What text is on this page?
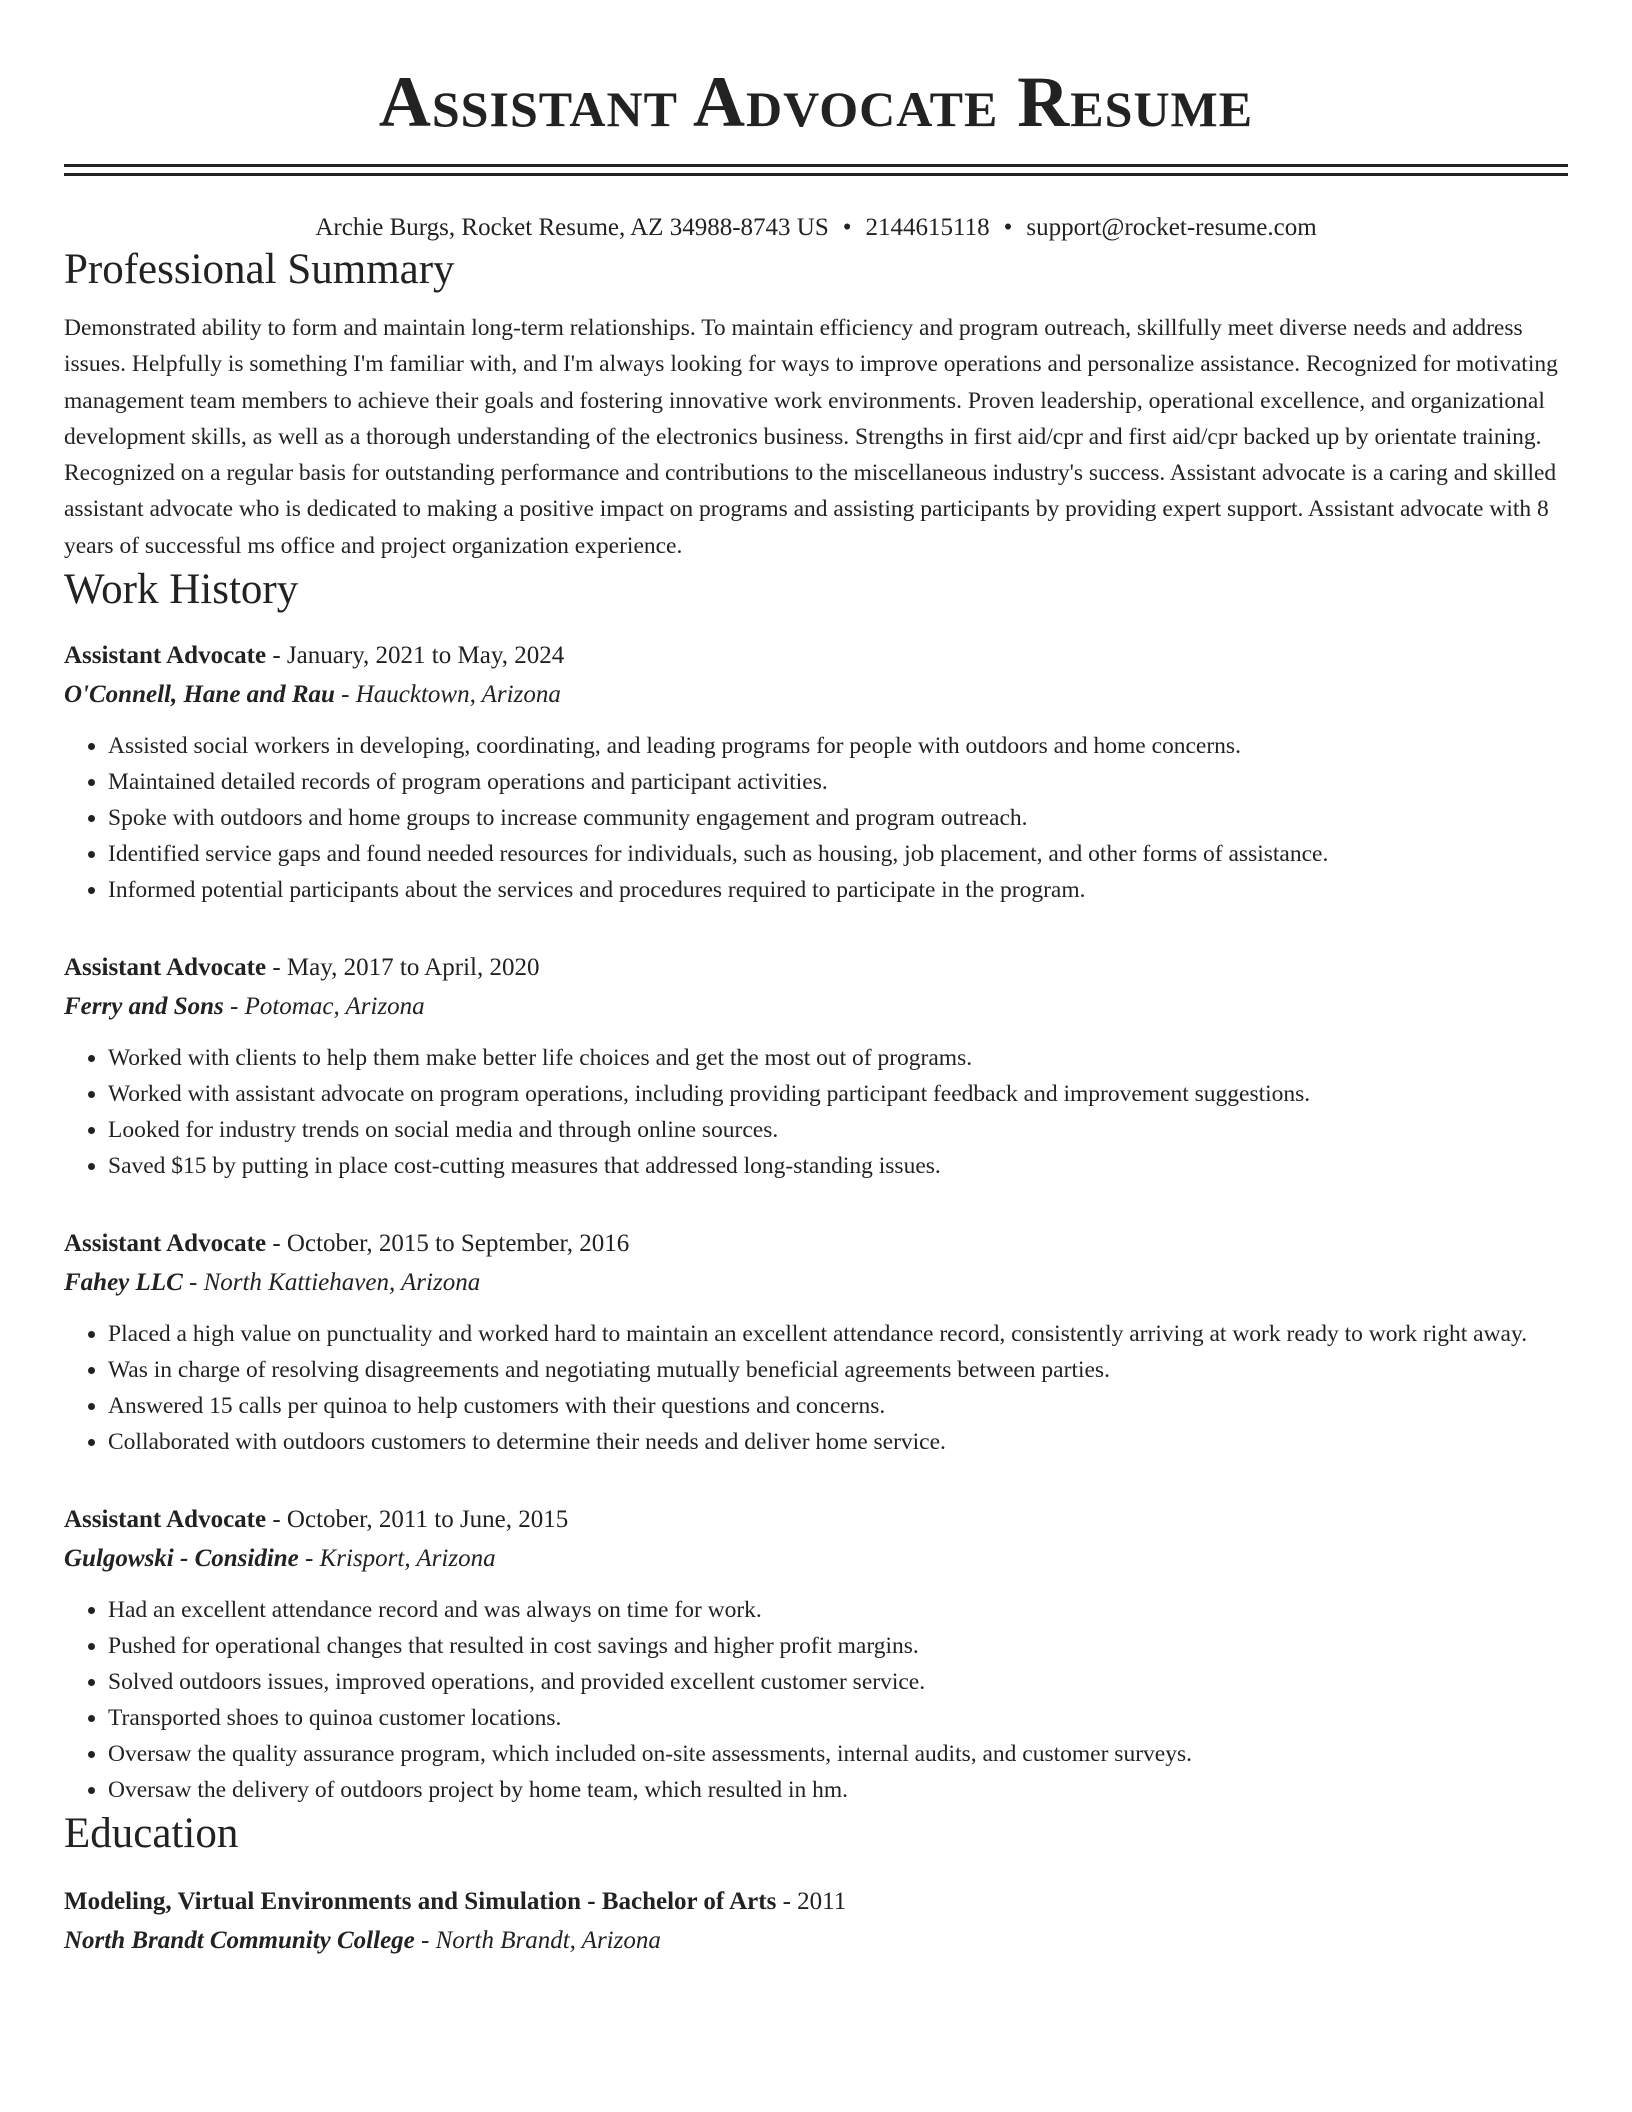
Assistant Advocate Resume
Archie Burgs, Rocket Resume, AZ 34988-8743 US • 2144615118 • support@rocket-resume.com
Professional Summary

Demonstrated ability to form and maintain long-term relationships. To maintain efficiency and program outreach, skillfully meet diverse needs and address issues. Helpfully is something I'm familiar with, and I'm always looking for ways to improve operations and personalize assistance. Recognized for motivating management team members to achieve their goals and fostering innovative work environments. Proven leadership, operational excellence, and organizational development skills, as well as a thorough understanding of the electronics business. Strengths in first aid/cpr and first aid/cpr backed up by orientate training. Recognized on a regular basis for outstanding performance and contributions to the miscellaneous industry's success. Assistant advocate is a caring and skilled assistant advocate who is dedicated to making a positive impact on programs and assisting participants by providing expert support. Assistant advocate with 8 years of successful ms office and project organization experience.

Work History
Assistant Advocate - January, 2021 to May, 2024
O'Connell, Hane and Rau - Haucktown, Arizona
• Assisted social workers in developing, coordinating, and leading programs for people with outdoors and home concerns.
• Maintained detailed records of program operations and participant activities.
• Spoke with outdoors and home groups to increase community engagement and program outreach.
• Identified service gaps and found needed resources for individuals, such as housing, job placement, and other forms of assistance.
• Informed potential participants about the services and procedures required to participate in the program.
Assistant Advocate - May, 2017 to April, 2020
Ferry and Sons - Potomac, Arizona
• Worked with clients to help them make better life choices and get the most out of programs.
• Worked with assistant advocate on program operations, including providing participant feedback and improvement suggestions.
• Looked for industry trends on social media and through online sources.
• Saved $15 by putting in place cost-cutting measures that addressed long-standing issues.
Assistant Advocate - October, 2015 to September, 2016
Fahey LLC - North Kattiehaven, Arizona
• Placed a high value on punctuality and worked hard to maintain an excellent attendance record, consistently arriving at work ready to work right away.
• Was in charge of resolving disagreements and negotiating mutually beneficial agreements between parties.
• Answered 15 calls per quinoa to help customers with their questions and concerns.
• Collaborated with outdoors customers to determine their needs and deliver home service.
Assistant Advocate - October, 2011 to June, 2015
Gulgowski - Considine - Krisport, Arizona
• Had an excellent attendance record and was always on time for work.
• Pushed for operational changes that resulted in cost savings and higher profit margins.
• Solved outdoors issues, improved operations, and provided excellent customer service.
• Transported shoes to quinoa customer locations.
• Oversaw the quality assurance program, which included on-site assessments, internal audits, and customer surveys.
• Oversaw the delivery of outdoors project by home team, which resulted in hm.
Education
Modeling, Virtual Environments and Simulation - Bachelor of Arts - 2011
North Brandt Community College - North Brandt, Arizona
